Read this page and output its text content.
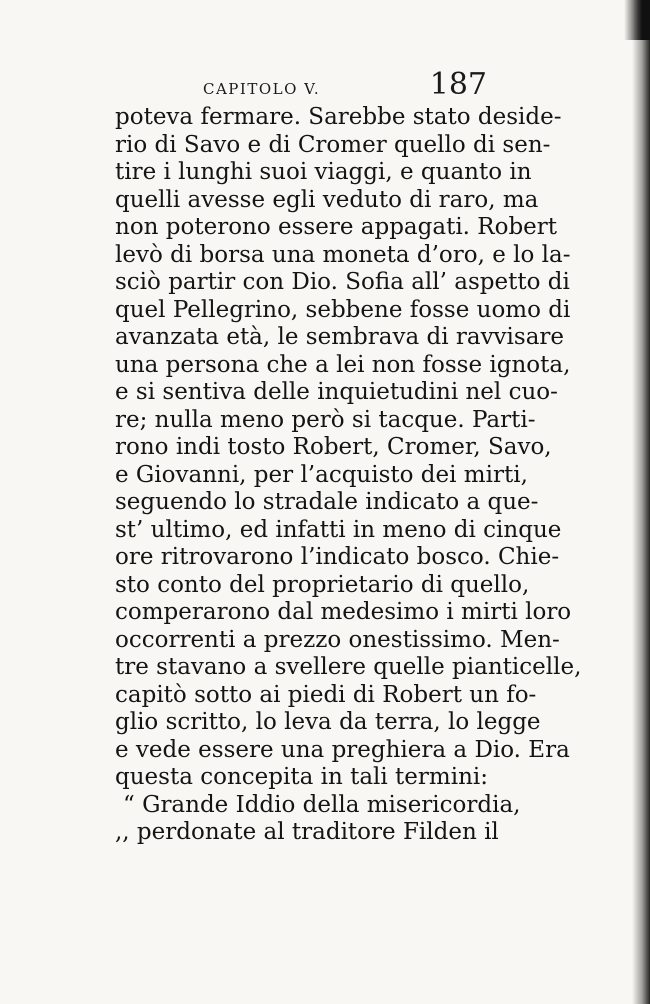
CAPITOLO V.	187
poteva fermare. Sarebbe stato deside-
rio di Savo e di Cromer quello di sen-
tire i lunghi suoi viaggi, e quanto in
quelli avesse egli veduto di raro, ma
non poterono essere appagati. Robert
levò di borsa una moneta d’oro, e lo la-
sciò partir con Dio. Sofia all’ aspetto di
quel Pellegrino, sebbene fosse uomo di
avanzata età, le sembrava di ravvisare
una persona che a lei non fosse ignota,
e si sentiva delle inquietudini nel cuo-
re; nulla meno però si tacque. Parti-
rono indi tosto Robert, Cromer, Savo,
e Giovanni, per l’acquisto dei mirti,
seguendo lo stradale indicato a que-
st’ ultimo, ed infatti in meno di cinque
ore ritrovarono l’indicato bosco. Chie-
sto conto del proprietario di quello,
comperarono dal medesimo i mirti loro
occorrenti a prezzo onestissimo. Men-
tre stavano a svellere quelle pianticelle,
capitò sotto ai piedi di Robert un fo-
glio scritto, lo leva da terra, lo legge
e vede essere una preghiera a Dio. Era
questa concepita in tali termini:
“ Grande Iddio della misericordia,
,, perdonate al traditore Filden il
